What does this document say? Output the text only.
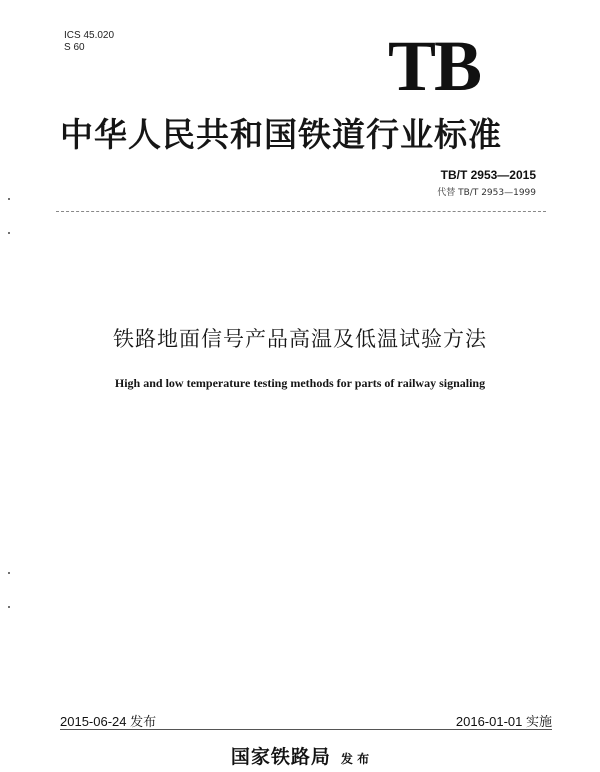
ICS 45.020
S 60	TB
中华人民共和国铁道行业标准
TB/T 2953—2015
代替 TB/T 2953—1999
铁路地面信号产品高温及低温试验方法
High and low temperature testing methods for parts of railway signaling
2015-06-24 发布	2016-01-01 实施
国家铁路局 发 布
